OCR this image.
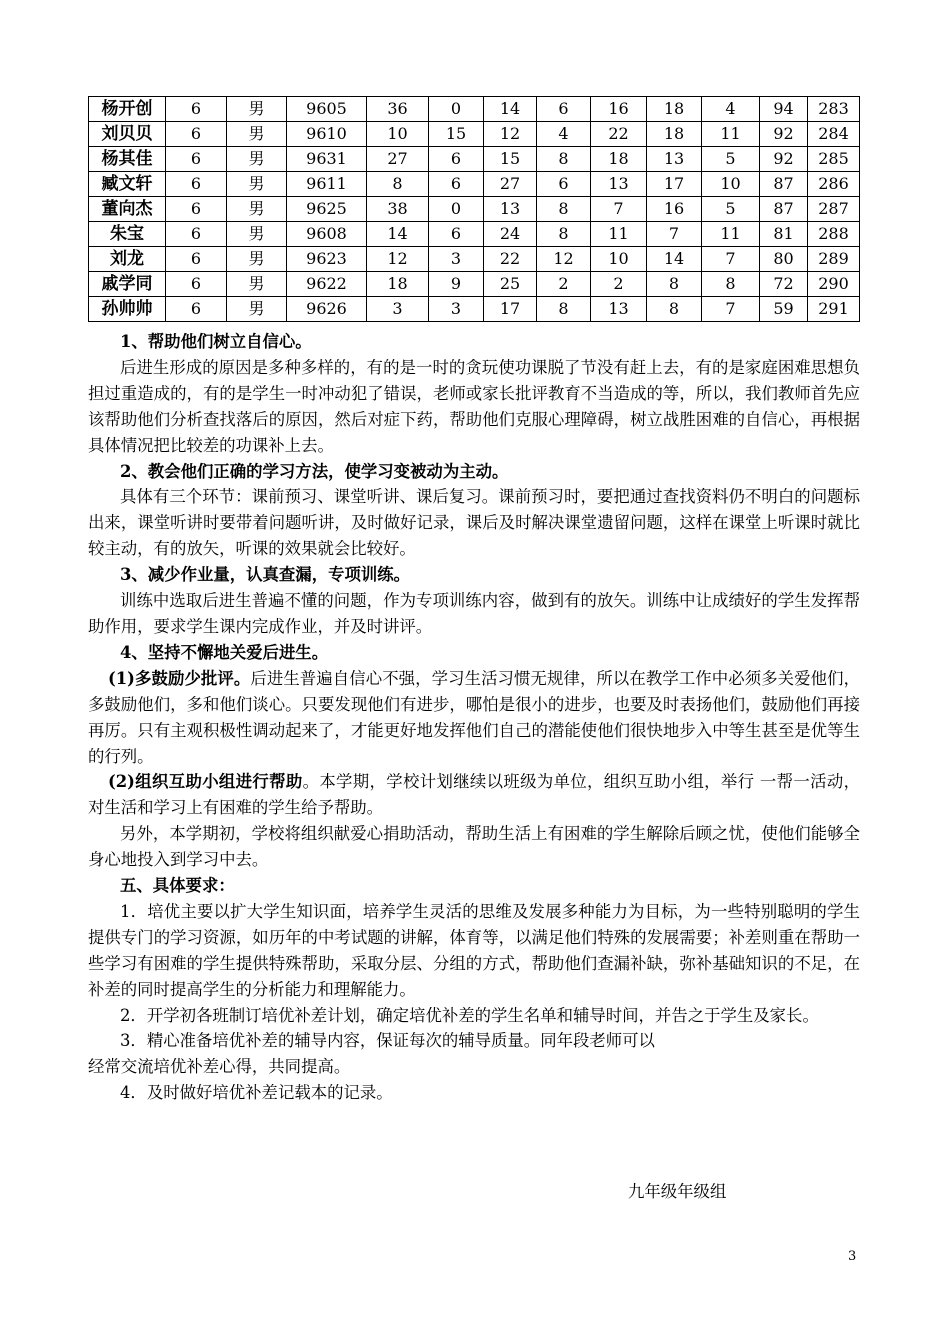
杨开创	6	男	9605	36	0	14	6	16	18	4	94	283
刘贝贝	6	男	9610	10	15	12	4	22	18	11	92	284
杨其佳	6	男	9631	27	6	15	8	18	13	5	92	285
臧文轩	6	男	9611	8	6	27	6	13	17	10	87	286
董向杰	6	男	9625	38	0	13	8	7	16	5	87	287
朱宝	6	男	9608	14	6	24	8	11	7	11	81	288
刘龙	6	男	9623	12	3	22	12	10	14	7	80	289
戚学同	6	男	9622	18	9	25	2	2	8	8	72	290
孙帅帅	6	男	9626	3	3	17	8	13	8	7	59	291

1、帮助他们树立自信心。

后进生形成的原因是多种多样的，有的是一时的贪玩使功课脱了节没有赶上去，有的是家庭困难思想负担过重造成的，有的是学生一时冲动犯了错误，老师或家长批评教育不当造成的等，所以，我们教师首先应该帮助他们分析查找落后的原因，然后对症下药，帮助他们克服心理障碍，树立战胜困难的自信心，再根据具体情况把比较差的功课补上去。

2、教会他们正确的学习方法，使学习变被动为主动。

具体有三个环节：课前预习、课堂听讲、课后复习。课前预习时，要把通过查找资料仍不明白的问题标出来，课堂听讲时要带着问题听讲，及时做好记录，课后及时解决课堂遗留问题，这样在课堂上听课时就比较主动，有的放矢，听课的效果就会比较好。

3、减少作业量，认真查漏，专项训练。

训练中选取后进生普遍不懂的问题，作为专项训练内容，做到有的放矢。训练中让成绩好的学生发挥帮助作用，要求学生课内完成作业，并及时讲评。

4、坚持不懈地关爱后进生。

(1)多鼓励少批评。后进生普遍自信心不强，学习生活习惯无规律，所以在教学工作中必须多关爱他们，多鼓励他们，多和他们谈心。只要发现他们有进步，哪怕是很小的进步，也要及时表扬他们，鼓励他们再接再厉。只有主观积极性调动起来了，才能更好地发挥他们自己的潜能使他们很快地步入中等生甚至是优等生的行列。

(2)组织互助小组进行帮助。本学期，学校计划继续以班级为单位，组织互助小组，举行 一帮一活动，对生活和学习上有困难的学生给予帮助。

另外，本学期初，学校将组织献爱心捐助活动，帮助生活上有困难的学生解除后顾之忧，使他们能够全身心地投入到学习中去。

五、具体要求：

1．培优主要以扩大学生知识面，培养学生灵活的思维及发展多种能力为目标，为一些特别聪明的学生提供专门的学习资源，如历年的中考试题的讲解，体育等，以满足他们特殊的发展需要；补差则重在帮助一些学习有困难的学生提供特殊帮助，采取分层、分组的方式，帮助他们查漏补缺，弥补基础知识的不足，在补差的同时提高学生的分析能力和理解能力。

2．开学初各班制订培优补差计划，确定培优补差的学生名单和辅导时间，并告之于学生及家长。

3．精心准备培优补差的辅导内容，保证每次的辅导质量。同年段老师可以

经常交流培优补差心得，共同提高。

4．及时做好培优补差记载本的记录。

九年级年级组
3
